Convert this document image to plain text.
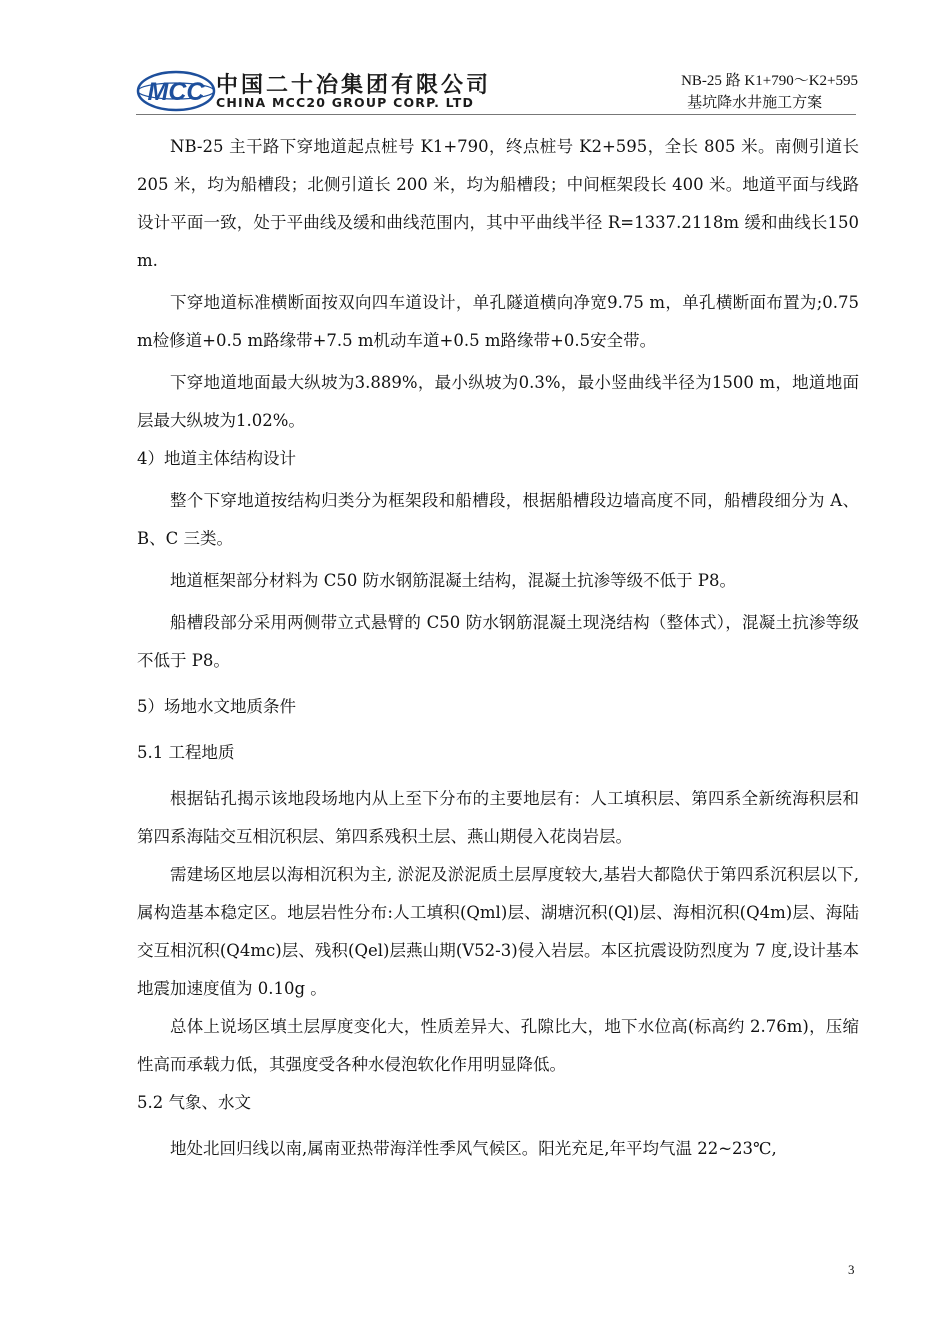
MCC 中国二十冶集团有限公司
CHINA MCC20 GROUP CORP. LTD
NB-25 路 K1+790～K2+595
基坑降水井施工方案

NB-25 主干路下穿地道起点桩号 K1+790，终点桩号 K2+595，全长 805 米。南侧引道长 205 米，均为船槽段；北侧引道长 200 米，均为船槽段；中间框架段长 400 米。地道平面与线路设计平面一致，处于平曲线及缓和曲线范围内，其中平曲线半径 R=1337.2118m 缓和曲线长150 m.

下穿地道标准横断面按双向四车道设计，单孔隧道横向净宽9.75 m，单孔横断面布置为;0.75 m检修道+0.5 m路缘带+7.5 m机动车道+0.5 m路缘带+0.5安全带。

下穿地道地面最大纵坡为3.889%，最小纵坡为0.3%，最小竖曲线半径为1500 m，地道地面层最大纵坡为1.02%。

4）地道主体结构设计

整个下穿地道按结构归类分为框架段和船槽段，根据船槽段边墙高度不同，船槽段细分为 A、B、C 三类。

地道框架部分材料为 C50 防水钢筋混凝土结构，混凝土抗渗等级不低于 P8。

船槽段部分采用两侧带立式悬臂的 C50 防水钢筋混凝土现浇结构（整体式），混凝土抗渗等级不低于 P8。

5）场地水文地质条件

5.1 工程地质

根据钻孔揭示该地段场地内从上至下分布的主要地层有：人工填积层、第四系全新统海积层和第四系海陆交互相沉积层、第四系残积土层、燕山期侵入花岗岩层。

需建场区地层以海相沉积为主, 淤泥及淤泥质土层厚度较大,基岩大都隐伏于第四系沉积层以下,属构造基本稳定区。地层岩性分布:人工填积(Qml)层、湖塘沉积(Ql)层、海相沉积(Q4m)层、海陆交互相沉积(Q4mc)层、残积(Qel)层燕山期(V52-3)侵入岩层。本区抗震设防烈度为 7 度,设计基本地震加速度值为 0.10g 。

总体上说场区填土层厚度变化大，性质差异大、孔隙比大，地下水位高(标高约 2.76m)，压缩性高而承载力低，其强度受各种水侵泡软化作用明显降低。

5.2 气象、水文

地处北回归线以南,属南亚热带海洋性季风气候区。阳光充足,年平均气温 22~23℃,

3
